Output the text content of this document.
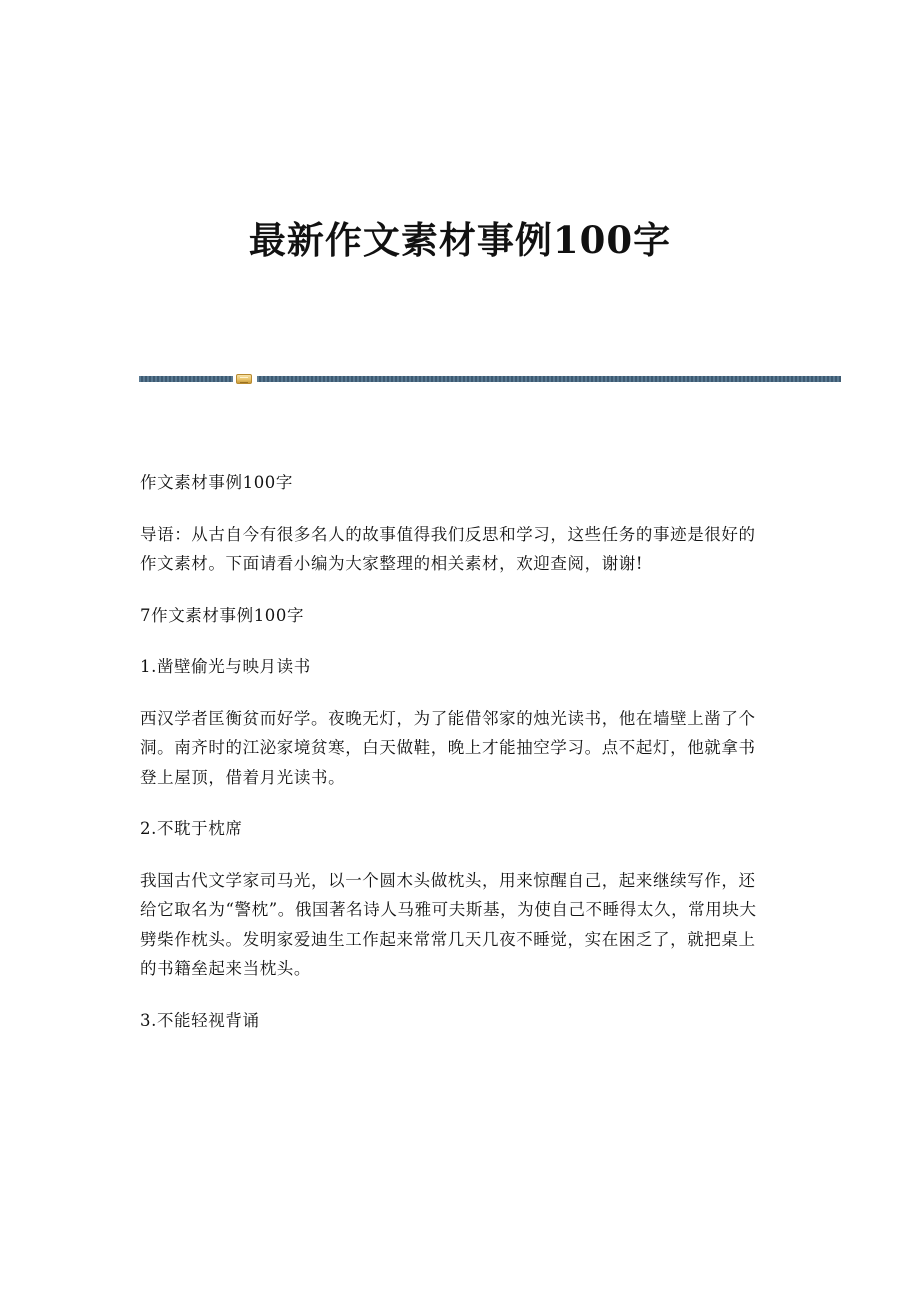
最新作文素材事例100字

作文素材事例100字

导语：从古自今有很多名人的故事值得我们反思和学习，这些任务的事迹是很好的作文素材。下面请看小编为大家整理的相关素材，欢迎查阅，谢谢!

7作文素材事例100字

1.凿壁偷光与映月读书

西汉学者匡衡贫而好学。夜晚无灯，为了能借邻家的烛光读书，他在墙壁上凿了个洞。南齐时的江泌家境贫寒，白天做鞋，晚上才能抽空学习。点不起灯，他就拿书登上屋顶，借着月光读书。

2.不耽于枕席

我国古代文学家司马光，以一个圆木头做枕头，用来惊醒自己，起来继续写作，还给它取名为“警枕”。俄国著名诗人马雅可夫斯基，为使自己不睡得太久，常用块大劈柴作枕头。发明家爱迪生工作起来常常几天几夜不睡觉，实在困乏了，就把桌上的书籍垒起来当枕头。

3.不能轻视背诵
